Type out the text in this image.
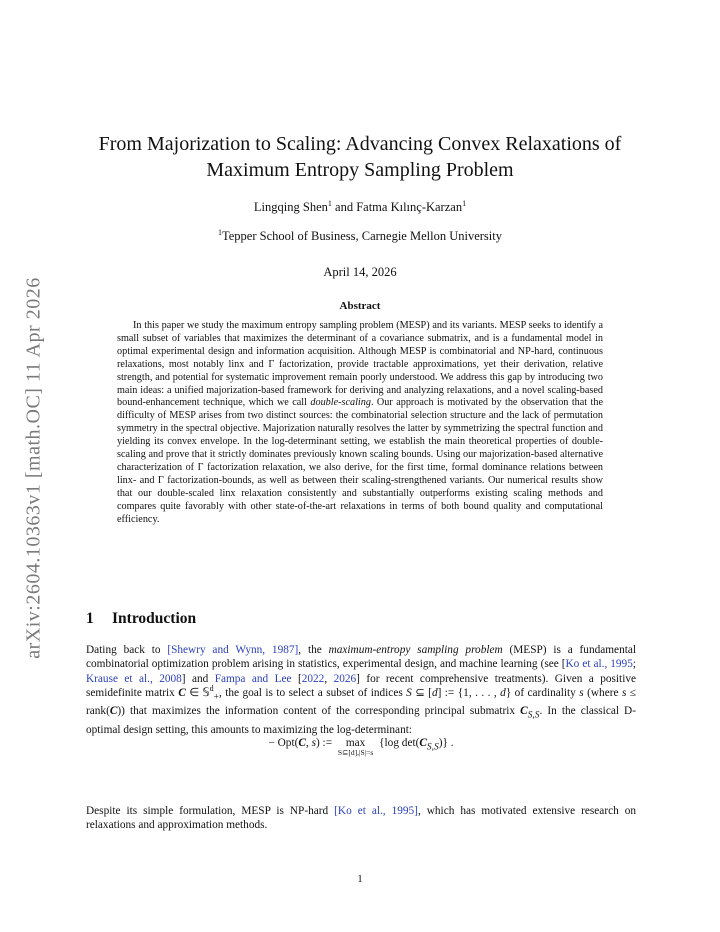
arXiv:2604.10363v1 [math.OC] 11 Apr 2026
From Majorization to Scaling: Advancing Convex Relaxations of
Maximum Entropy Sampling Problem
Lingqing Shen$^1$ and Fatma Kılınç-Karzan$^1$
$^1$Tepper School of Business, Carnegie Mellon University
April 14, 2026
Abstract
In this paper we study the maximum entropy sampling problem (MESP) and its variants. MESP seeks to identify a small subset of variables that maximizes the determinant of a covariance submatrix, and is a fundamental model in optimal experimental design and information acquisition. Although MESP is combinatorial and NP-hard, continuous relaxations, most notably linx and Γ factorization, provide tractable approximations, yet their derivation, relative strength, and potential for systematic improvement remain poorly understood. We address this gap by introducing two main ideas: a unified majorization-based framework for deriving and analyzing relaxations, and a novel scaling-based bound-enhancement technique, which we call double-scaling. Our approach is motivated by the observation that the difficulty of MESP arises from two distinct sources: the combinatorial selection structure and the lack of permutation symmetry in the spectral objective. Majorization naturally resolves the latter by symmetrizing the spectral function and yielding its convex envelope. In the log-determinant setting, we establish the main theoretical properties of double-scaling and prove that it strictly dominates previously known scaling bounds. Using our majorization-based alternative characterization of Γ factorization relaxation, we also derive, for the first time, formal dominance relations between linx- and Γ factorization-bounds, as well as between their scaling-strengthened variants. Our numerical results show that our double-scaled linx relaxation consistently and substantially outperforms existing scaling methods and compares quite favorably with other state-of-the-art relaxations in terms of both bound quality and computational efficiency.
1 Introduction
Dating back to [Shewry and Wynn, 1987], the maximum-entropy sampling problem (MESP) is a fundamental combinatorial optimization problem arising in statistics, experimental design, and machine learning (see [Ko et al., 1995; Krause et al., 2008] and Fampa and Lee [2022, 2026] for recent comprehensive treatments). Given a positive semidefinite matrix C ∈ 𝕊$^d_+$, the goal is to select a subset of indices S ⊆ [d] := {1, . . . , d} of cardinality s (where s ≤ rank(C)) that maximizes the information content of the corresponding principal submatrix $C_{S,S}$. In the classical D-optimal design setting, this amounts to maximizing the log-determinant:
− Opt(C, s) := max
S⊆[d],|S|=s
{log $\det(C_{S,S})$} .
Despite its simple formulation, MESP is NP-hard [Ko et al., 1995], which has motivated extensive research on relaxations and approximation methods.
1
